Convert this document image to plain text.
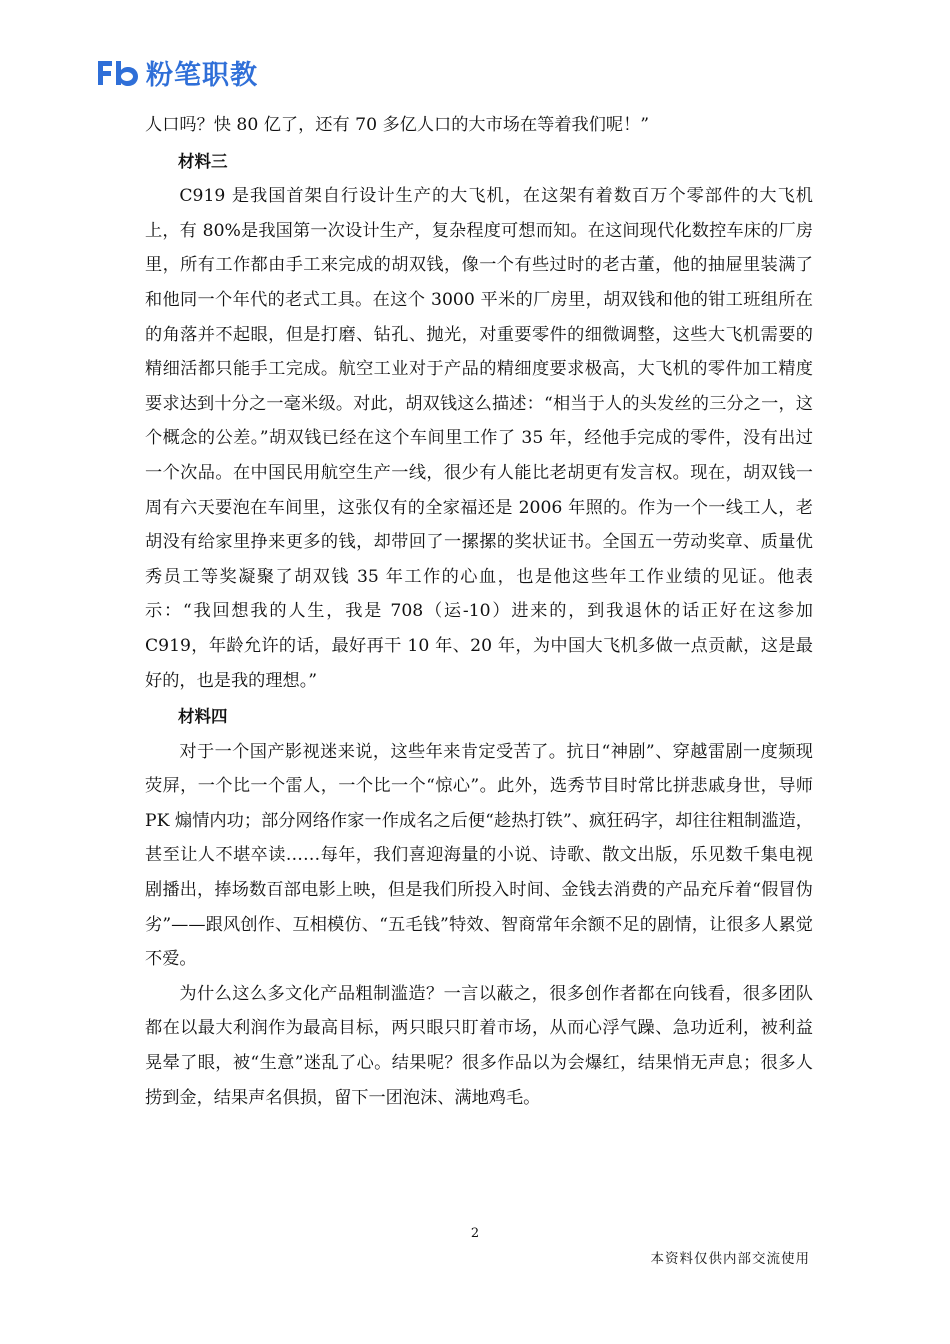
粉笔职教

人口吗？快 80 亿了，还有 70 多亿人口的大市场在等着我们呢！”

材料三

C919 是我国首架自行设计生产的大飞机，在这架有着数百万个零部件的大飞机上，有 80%是我国第一次设计生产，复杂程度可想而知。在这间现代化数控车床的厂房里，所有工作都由手工来完成的胡双钱，像一个有些过时的老古董，他的抽屉里装满了和他同一个年代的老式工具。在这个 3000 平米的厂房里，胡双钱和他的钳工班组所在的角落并不起眼，但是打磨、钻孔、抛光，对重要零件的细微调整，这些大飞机需要的精细活都只能手工完成。航空工业对于产品的精细度要求极高，大飞机的零件加工精度要求达到十分之一毫米级。对此，胡双钱这么描述：“相当于人的头发丝的三分之一，这个概念的公差。”胡双钱已经在这个车间里工作了 35 年，经他手完成的零件，没有出过一个次品。在中国民用航空生产一线，很少有人能比老胡更有发言权。现在，胡双钱一周有六天要泡在车间里，这张仅有的全家福还是 2006 年照的。作为一个一线工人，老胡没有给家里挣来更多的钱，却带回了一摞摞的奖状证书。全国五一劳动奖章、质量优秀员工等奖凝聚了胡双钱 35 年工作的心血，也是他这些年工作业绩的见证。他表示：“我回想我的人生，我是 708（运-10）进来的，到我退休的话正好在这参加 C919，年龄允许的话，最好再干 10 年、20 年，为中国大飞机多做一点贡献，这是最好的，也是我的理想。”

材料四

对于一个国产影视迷来说，这些年来肯定受苦了。抗日“神剧”、穿越雷剧一度频现荧屏，一个比一个雷人，一个比一个“惊心”。此外，选秀节目时常比拼悲戚身世，导师 PK 煽情内功；部分网络作家一作成名之后便“趁热打铁”、疯狂码字，却往往粗制滥造，甚至让人不堪卒读……每年，我们喜迎海量的小说、诗歌、散文出版，乐见数千集电视剧播出，捧场数百部电影上映，但是我们所投入时间、金钱去消费的产品充斥着“假冒伪劣”——跟风创作、互相模仿、“五毛钱”特效、智商常年余额不足的剧情，让很多人累觉不爱。

为什么这么多文化产品粗制滥造？一言以蔽之，很多创作者都在向钱看，很多团队都在以最大利润作为最高目标，两只眼只盯着市场，从而心浮气躁、急功近利，被利益晃晕了眼，被“生意”迷乱了心。结果呢？很多作品以为会爆红，结果悄无声息；很多人捞到金，结果声名俱损，留下一团泡沫、满地鸡毛。

2
本资料仅供内部交流使用
